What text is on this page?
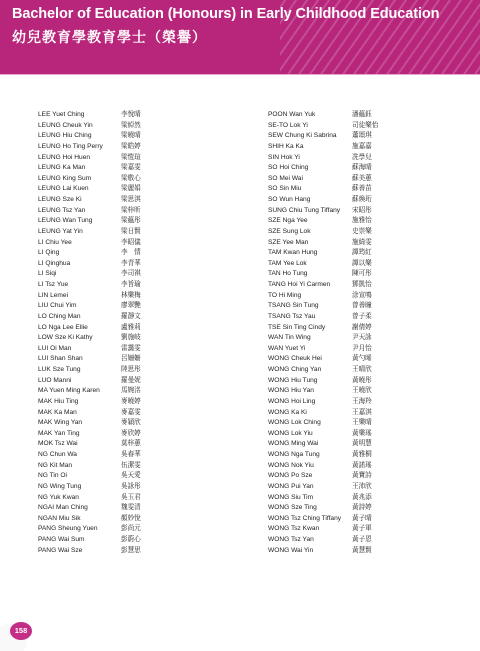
Bachelor of Education (Honours) in Early Childhood Education
幼兒教育學教育學士（榮譽）
LEE Yuet Ching	李悅晴
LEUNG Cheuk Yin	梁綽然
LEUNG Hiu Ching	梁曉晴
LEUNG Ho Ting Perry	梁皓婷
LEUNG Hoi Huen	梁愷瑄
LEUNG Ka Man	梁嘉雯
LEUNG King Sum	梁敬心
LEUNG Lai Kuen	梁麗娟
LEUNG Sze Ki	梁思淇
LEUNG Tsz Yan	梁梓昕
LEUNG Wan Tung	梁蘊彤
LEUNG Yat Yin	梁日賢
LI Chiu Yee	李昭儀
LI Qing	李　情
LI Qinghua	李青華
LI Siqi	李司祺
LI Tsz Yue	李旨瑜
LIN Lemei	林樂梅
LIU Chui Yim	廖翠艷
LO Ching Man	羅靜文
LO Nga Lee Ellie	盧雅莉
LOW Sze Ki Kathy	劉施岐
LUI Oi Man	雷靄雯
LUI Shan Shan	呂姍姍
LUK Sze Tung	陸思彤
LUO Manni	羅曼妮
MA Yuen Ming Karen	馬婉洺
MAK Hiu Ting	麥曉婷
MAK Ka Man	麥嘉雯
MAK Wing Yan	麥穎欣
MAK Yan Ting	麥欣婷
MOK Tsz Wai	莫梓蕙
NG Chun Wa	吳春華
NG Kit Man	伍潔雯
NG Tin Oi	吳天愛
NG Wing Tung	吳詠彤
NG Yuk Kwan	吳玉君
NGAI Man Ching	魏雯清
NGAN Miu Sik	顏妙悅
PANG Sheung Yuen	彭尚元
PANG Wai Sum	彭蔚心
PANG Wai Sze	彭慧思
POON Wan Yuk	潘蘊鈺
SE-TO Lok Yi	司徒樂怡
SEW Chung Ki Sabrina 蕭頌琪
SHIH Ka Ka	施嘉嘉
SIN Hok Yi	冼學兒
SO Hoi Ching	蘇海晴
SO Mei Wai	蘇美蕙
SO Sin Miu	蘇善苗
SO Wun Hang	蘇煥珩
SUNG Chiu Tung Tiffany 宋昭彤
SZE Nga Yee	施雅怡
SZE Sung Lok	史崇樂
SZE Yee Man	施綺雯
TAM Kwan Hung	譚筠紅
TAM Yee Lok	譚以樂
TAN Ho Tung	陳可彤
TANG Hoi Yi Carmen	鄧凱怡
TO Hi Ming	涂宣鳴
TSANG Sin Tung	曾善瞳
TSANG Tsz Yau	曾子柔
TSE Sin Ting Cindy	謝倩婷
WAN Tin Wing	尹天詠
WAN Yuet Yi	尹月怡
WONG Cheuk Hei	黃勺晞
WONG Ching Yan	王晴欣
WONG Hiu Tung	黃曉彤
WONG Hiu Yan	王曉欣
WONG Hoi Ling	王海羚
WONG Ka Ki	王嘉淇
WONG Lok Ching	王樂晴
WONG Lok Yiu	黃樂瑤
WONG Ming Wai	黃明慧
WONG Nga Tung	黃雅桐
WONG Nok Yiu	黃諾瑤
WONG Po Sze	黃寶詩
WONG Pui Yan	王沛欣
WONG Siu Tim	黃兆添
WONG Sze Ting	黃詩婷
WONG Tsz Ching Tiffany 黃子晴
WONG Tsz Kwan	黃子軍
WONG Tsz Yan	黃子恩
WONG Wai Yin	黃慧賢
158
